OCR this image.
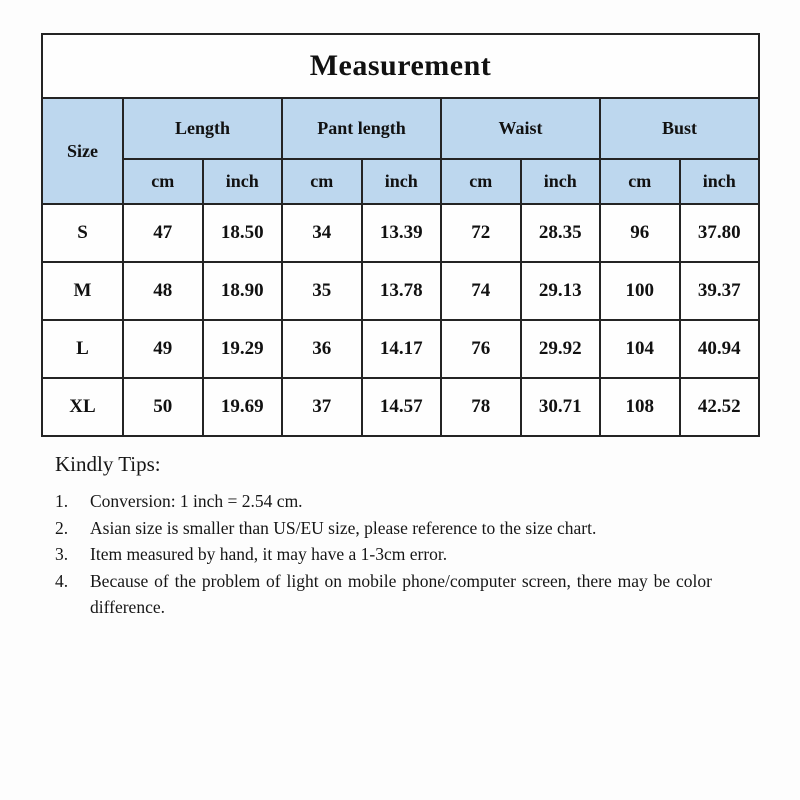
Measurement								
Size	Length		Pant length		Waist		Bust	
	cm	inch	cm	inch	cm	inch	cm	inch
S	47	18.50	34	13.39	72	28.35	96	37.80
M	48	18.90	35	13.78	74	29.13	100	39.37
L	49	19.29	36	14.17	76	29.92	104	40.94
XL	50	19.69	37	14.57	78	30.71	108	42.52
Kindly Tips:
Conversion: 1 inch = 2.54 cm.
Asian size is smaller than US/EU size, please reference to the size chart.
Item measured by hand, it may have a 1-3cm error.
Because of the problem of light on mobile phone/computer screen, there may be color difference.
